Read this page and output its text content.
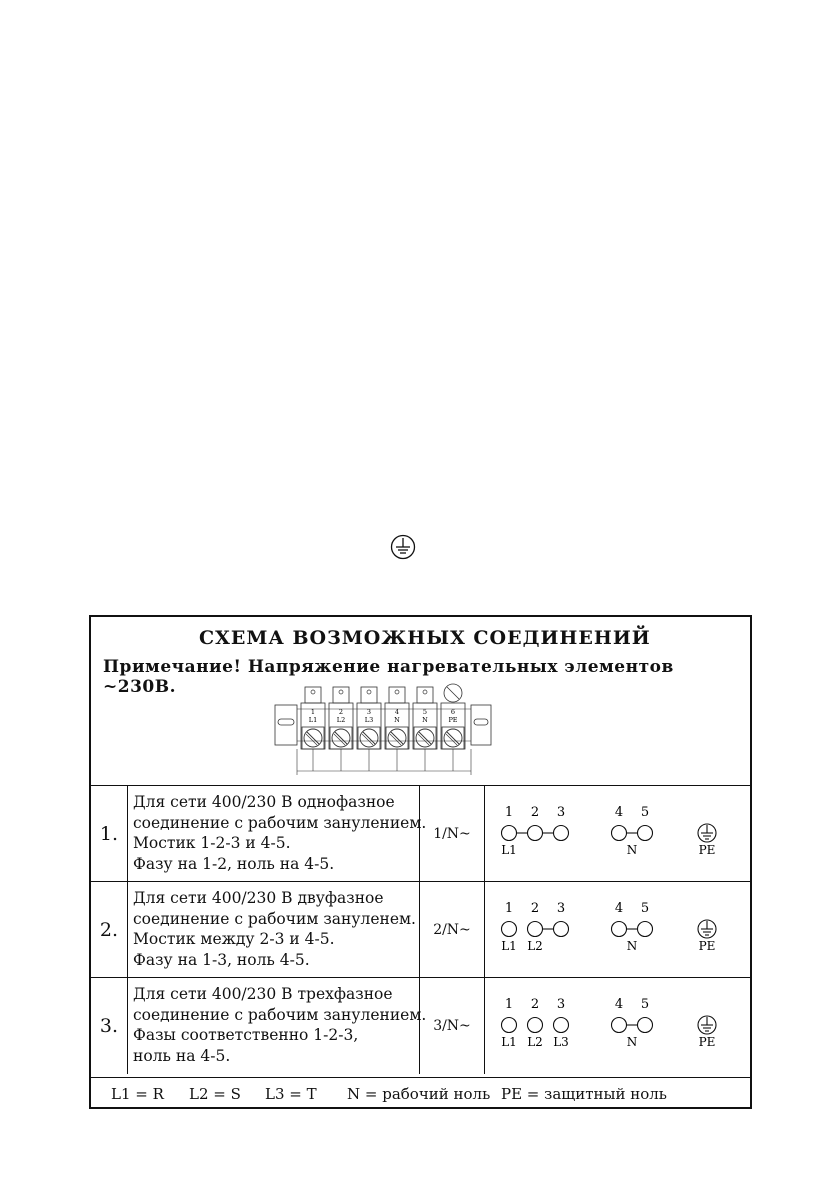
СХЕМА ВОЗМОЖНЫХ СОЕДИНЕНИЙ
Примечание! Напряжение нагревательных элементов ~230В.
1
L1
2
L2
3
L3
4
N
5
N
6
PE
1.
Для сети 400/230 В однофазное
соединение с рабочим занулением.
Мостик 1-2-3 и 4-5.
Фазу на 1-2, ноль на 4-5.
1/N~
1 2 3	4 5
L1	N	PE
2.
Для сети 400/230 В двуфазное
соединение с рабочим зануленем.
Мостик между 2-3 и 4-5.
Фазу на 1-3, ноль 4-5.
2/N~
1 2 3	4 5
L1 L2	N	PE
3.
Для сети 400/230 В трехфазное
соединение с рабочим занулением.
Фазы соответственно 1-2-3,
ноль на 4-5.
3/N~
1 2 3	4 5
L1 L2 L3	N	PE
L1 = R L2 = S L3 = T N = рабочий ноль PE = защитный ноль
